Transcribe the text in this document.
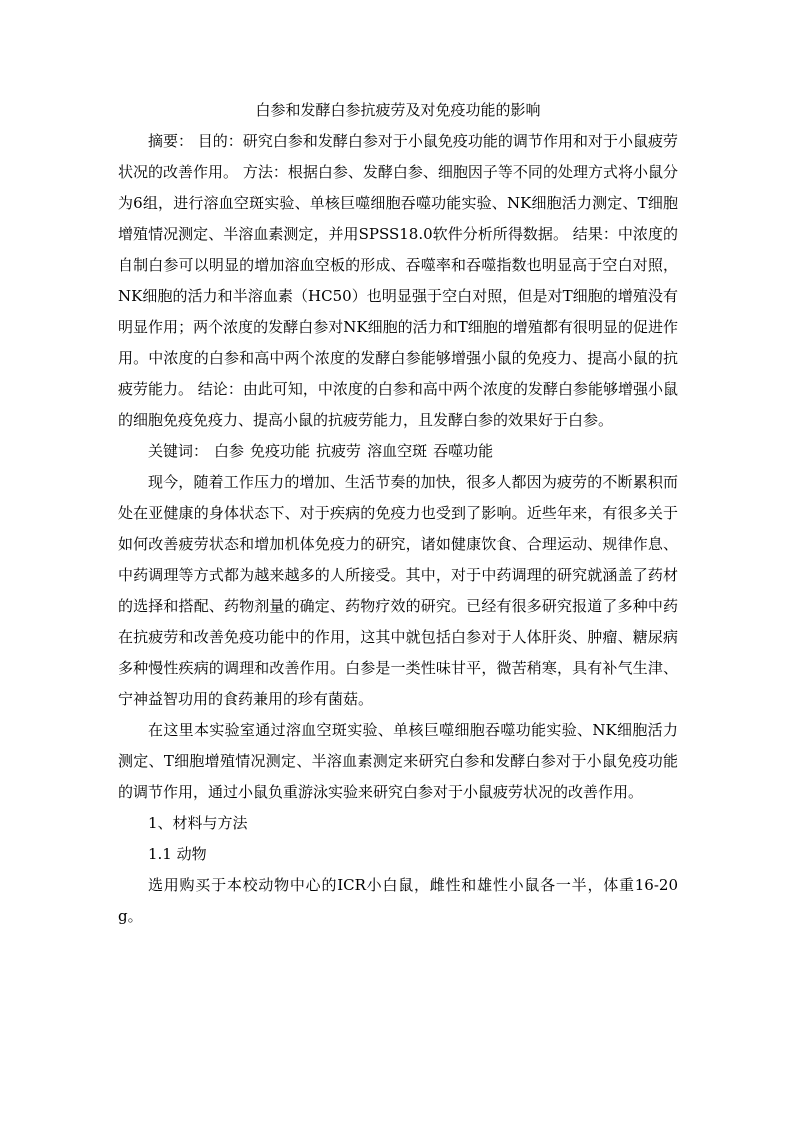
白参和发酵白参抗疲劳及对免疫功能的影响

摘要： 目的：研究白参和发酵白参对于小鼠免疫功能的调节作用和对于小鼠疲劳状况的改善作用。 方法：根据白参、发酵白参、细胞因子等不同的处理方式将小鼠分为6组，进行溶血空斑实验、单核巨噬细胞吞噬功能实验、NK细胞活力测定、T细胞增殖情况测定、半溶血素测定，并用SPSS18.0软件分析所得数据。 结果：中浓度的自制白参可以明显的增加溶血空板的形成、吞噬率和吞噬指数也明显高于空白对照，NK细胞的活力和半溶血素（HC50）也明显强于空白对照，但是对T细胞的增殖没有明显作用；两个浓度的发酵白参对NK细胞的活力和T细胞的增殖都有很明显的促进作用。中浓度的白参和高中两个浓度的发酵白参能够增强小鼠的免疫力、提高小鼠的抗疲劳能力。 结论：由此可知，中浓度的白参和高中两个浓度的发酵白参能够增强小鼠的细胞免疫免疫力、提高小鼠的抗疲劳能力，且发酵白参的效果好于白参。

关键词： 白参 免疫功能 抗疲劳 溶血空斑 吞噬功能

现今，随着工作压力的增加、生活节奏的加快，很多人都因为疲劳的不断累积而处在亚健康的身体状态下、对于疾病的免疫力也受到了影响。近些年来，有很多关于如何改善疲劳状态和增加机体免疫力的研究，诸如健康饮食、合理运动、规律作息、中药调理等方式都为越来越多的人所接受。其中，对于中药调理的研究就涵盖了药材的选择和搭配、药物剂量的确定、药物疗效的研究。已经有很多研究报道了多种中药在抗疲劳和改善免疫功能中的作用，这其中就包括白参对于人体肝炎、肿瘤、糖尿病多种慢性疾病的调理和改善作用。白参是一类性味甘平，微苦稍寒，具有补气生津、宁神益智功用的食药兼用的珍有菌菇。

在这里本实验室通过溶血空斑实验、单核巨噬细胞吞噬功能实验、NK细胞活力测定、T细胞增殖情况测定、半溶血素测定来研究白参和发酵白参对于小鼠免疫功能的调节作用，通过小鼠负重游泳实验来研究白参对于小鼠疲劳状况的改善作用。

1、材料与方法
1.1 动物

选用购买于本校动物中心的ICR小白鼠，雌性和雄性小鼠各一半，体重16-20g。
